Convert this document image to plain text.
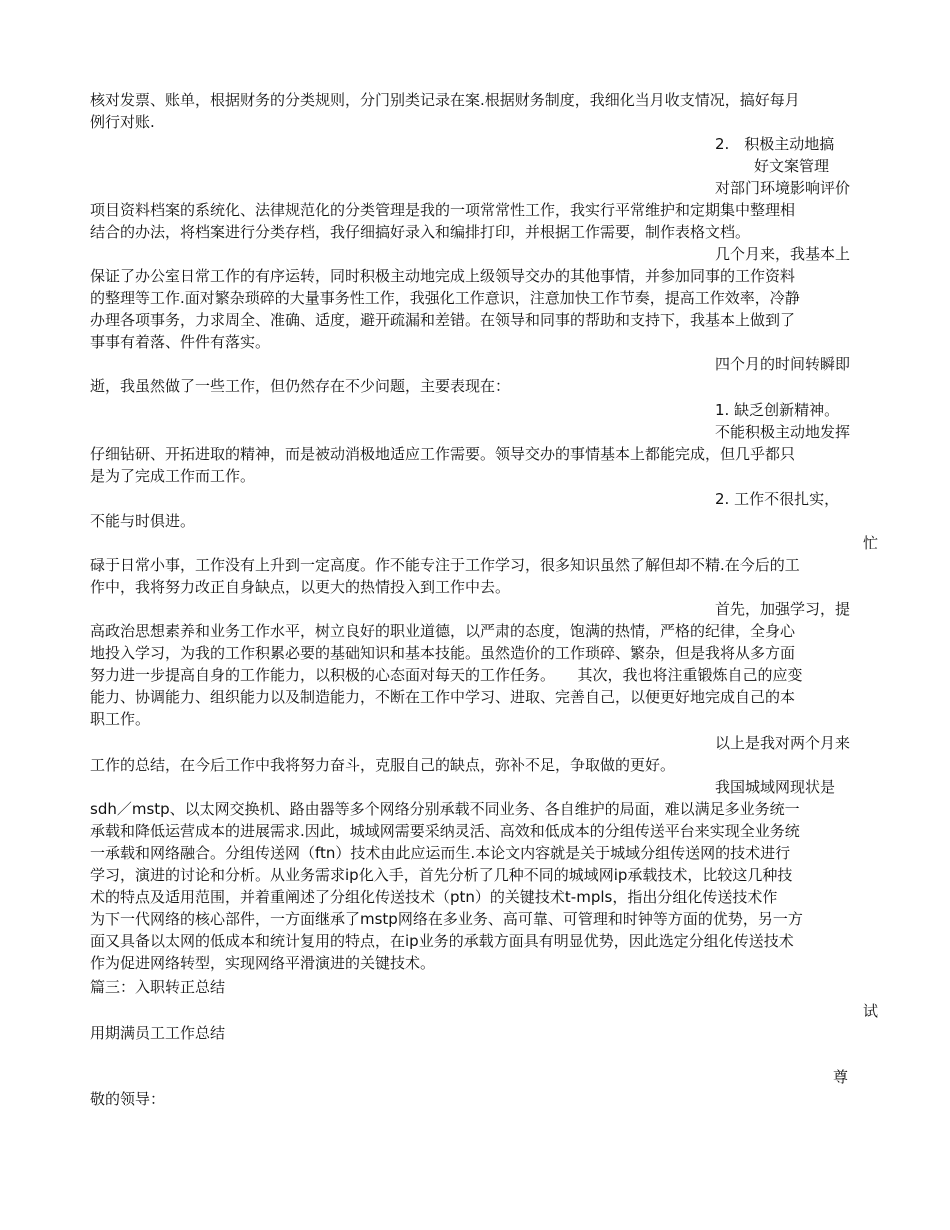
核对发票、账单，根据财务的分类规则，分门别类记录在案.根据财务制度，我细化当月收支情况，搞好每月
例行对账.
2.　积极主动地搞
好文案管理
对部门环境影响评价
项目资料档案的系统化、法律规范化的分类管理是我的一项常常性工作，我实行平常维护和定期集中整理相
结合的办法，将档案进行分类存档，我仔细搞好录入和编排打印，并根据工作需要，制作表格文档。
几个月来，我基本上
保证了办公室日常工作的有序运转，同时积极主动地完成上级领导交办的其他事情，并参加同事的工作资料
的整理等工作.面对繁杂琐碎的大量事务性工作，我强化工作意识，注意加快工作节奏，提高工作效率，冷静
办理各项事务，力求周全、准确、适度，避开疏漏和差错。在领导和同事的帮助和支持下，我基本上做到了
事事有着落、件件有落实。
四个月的时间转瞬即
逝，我虽然做了一些工作，但仍然存在不少问题，主要表现在：
1. 缺乏创新精神。
不能积极主动地发挥
仔细钻研、开拓进取的精神，而是被动消极地适应工作需要。领导交办的事情基本上都能完成，但几乎都只
是为了完成工作而工作。
2. 工作不很扎实，
不能与时俱进。
忙
碌于日常小事，工作没有上升到一定高度。作不能专注于工作学习，很多知识虽然了解但却不精.在今后的工
作中，我将努力改正自身缺点，以更大的热情投入到工作中去。
首先，加强学习，提
高政治思想素养和业务工作水平，树立良好的职业道德，以严肃的态度，饱满的热情，严格的纪律，全身心
地投入学习，为我的工作积累必要的基础知识和基本技能。虽然造价的工作琐碎、繁杂，但是我将从多方面
努力进一步提高自身的工作能力，以积极的心态面对每天的工作任务。　　其次，我也将注重锻炼自己的应变
能力、协调能力、组织能力以及制造能力，不断在工作中学习、进取、完善自己，以便更好地完成自己的本
职工作。
以上是我对两个月来
工作的总结，在今后工作中我将努力奋斗，克服自己的缺点，弥补不足，争取做的更好。
我国城域网现状是
sdh／mstp、以太网交换机、路由器等多个网络分别承载不同业务、各自维护的局面，难以满足多业务统一
承载和降低运营成本的进展需求.因此，城域网需要采纳灵活、高效和低成本的分组传送平台来实现全业务统
一承载和网络融合。分组传送网（ftn）技术由此应运而生.本论文内容就是关于城域分组传送网的技术进行
学习，演进的讨论和分析。从业务需求ip化入手，首先分析了几种不同的城域网ip承载技术，比较这几种技
术的特点及适用范围，并着重阐述了分组化传送技术（ptn）的关键技术t-mpls，指出分组化传送技术作
为下一代网络的核心部件，一方面继承了mstp网络在多业务、高可靠、可管理和时钟等方面的优势，另一方
面又具备以太网的低成本和统计复用的特点，在ip业务的承载方面具有明显优势，因此选定分组化传送技术
作为促进网络转型，实现网络平滑演进的关键技术。
篇三：入职转正总结
试
用期满员工工作总结
尊
敬的领导：
